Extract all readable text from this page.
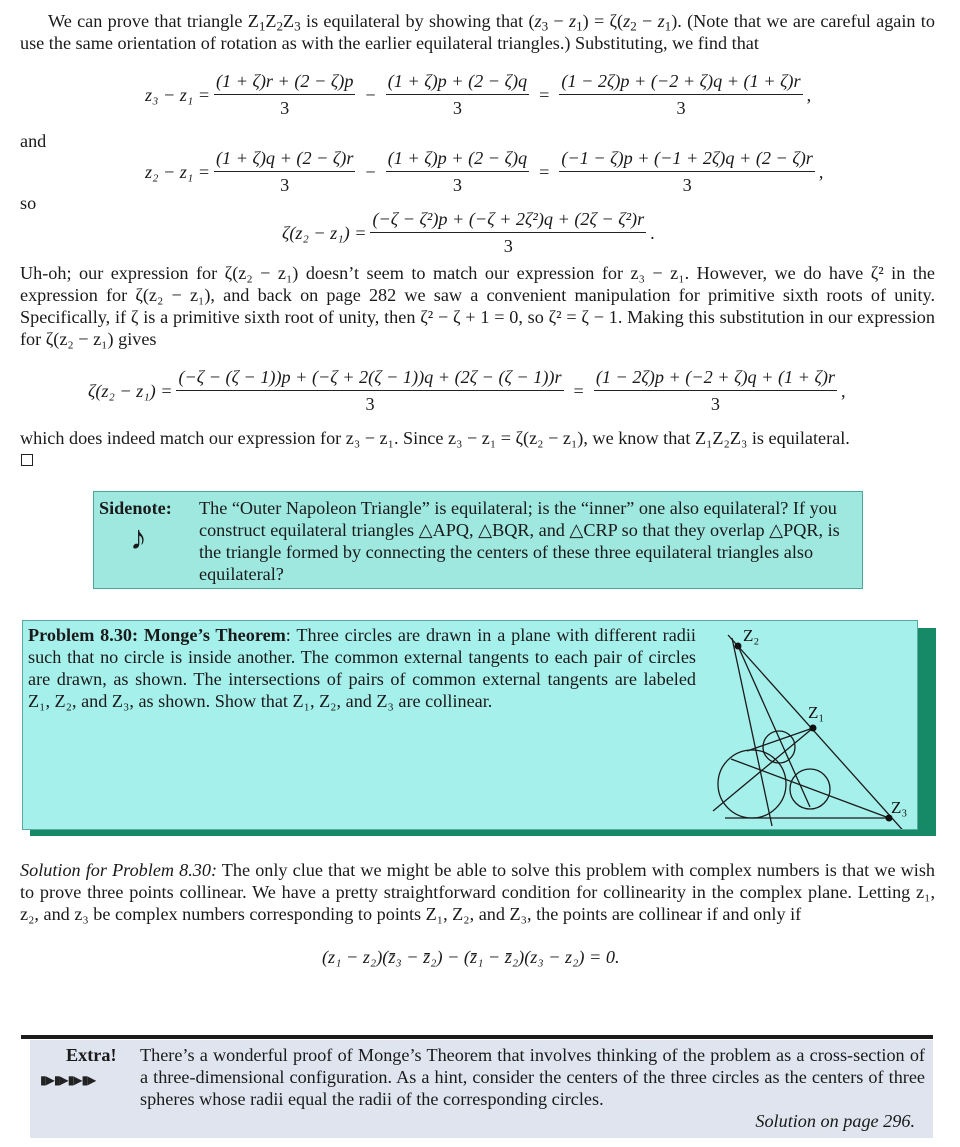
We can prove that triangle $Z_1Z_2Z_3$ is equilateral by showing that $(z_3 - z_1) = \zeta(z_2 - z_1)$. (Note that we are careful again to use the same orientation of rotation as with the earlier equilateral triangles.) Substituting, we find that
$z_3 - z_1 = \frac{(1 + \zeta)r + (2 - \zeta)p}{3} - \frac{(1 + \zeta)p + (2 - \zeta)q}{3} = \frac{(1 - 2\zeta)p + (-2 + \zeta)q + (1 + \zeta)r}{3}$ ,
and
$z_2 - z_1 = \frac{(1 + \zeta)q + (2 - \zeta)r}{3} - \frac{(1 + \zeta)p + (2 - \zeta)q}{3} = \frac{(-1 - \zeta)p + (-1 + 2\zeta)q + (2 - \zeta)r}{3}$ ,
so
$\zeta(z_2 - z_1) = \frac{\text{(−ζ − ζ²)p + (−ζ + 2ζ²)q + (2ζ − ζ²)r}}{3}$ .
Uh-oh; our expression for ζ(z₂ − z₁) doesn’t seem to match our expression for z₃ − z₁. However, we do have ζ² in the expression for ζ(z₂ − z₁), and back on page 282 we saw a convenient manipulation for primitive sixth roots of unity. Specifically, if ζ is a primitive sixth root of unity, then ζ² − ζ + 1 = 0, so ζ² = ζ − 1. Making this substitution in our expression for ζ(z₂ − z₁) gives
$\zeta(z_2 - z_1) = \frac{(-\zeta - (\zeta - 1))p + (-\zeta + 2(\zeta - 1))q + (2\zeta - (\zeta - 1))r}{3} = \frac{(1 - 2\zeta)p + (-2 + \zeta)q + (1 + \zeta)r}{3}$ ,
which does indeed match our expression for z₃ − z₁. Since z₃ − z₁ = ζ(z₂ − z₁), we know that Z₁Z₂Z₃ is equilateral.
Sidenote:
♪
The “Outer Napoleon Triangle” is equilateral; is the “inner” one also equilateral? If you construct equilateral triangles △APQ, △BQR, and △CRP so that they overlap △PQR, is the triangle formed by connecting the centers of these three equilateral triangles also equilateral?
Problem 8.30: Monge’s Theorem: Three circles are drawn in a plane with different radii such that no circle is inside another. The common external tangents to each pair of circles are drawn, as shown. The intersections of pairs of common external tangents are labeled Z₁, Z₂, and Z₃, as shown. Show that Z₁, Z₂, and Z₃ are collinear.
Z₂
Z₁
Z₃
Solution for Problem 8.30: The only clue that we might be able to solve this problem with complex numbers is that we wish to prove three points collinear. We have a pretty straightforward condition for collinearity in the complex plane. Letting z₁, z₂, and z₃ be complex numbers corresponding to points Z₁, Z₂, and Z₃, the points are collinear if and only if
(z₁ − z₂)(z̄₃ − z̄₂) − (z̄₁ − z̄₂)(z₃ − z₂) = 0.
Extra!
▮▶▮▶▮▶▮▶
There’s a wonderful proof of Monge’s Theorem that involves thinking of the problem as a cross-section of a three-dimensional configuration. As a hint, consider the centers of the three circles as the centers of three spheres whose radii equal the radii of the corresponding circles.
Solution on page 296.
